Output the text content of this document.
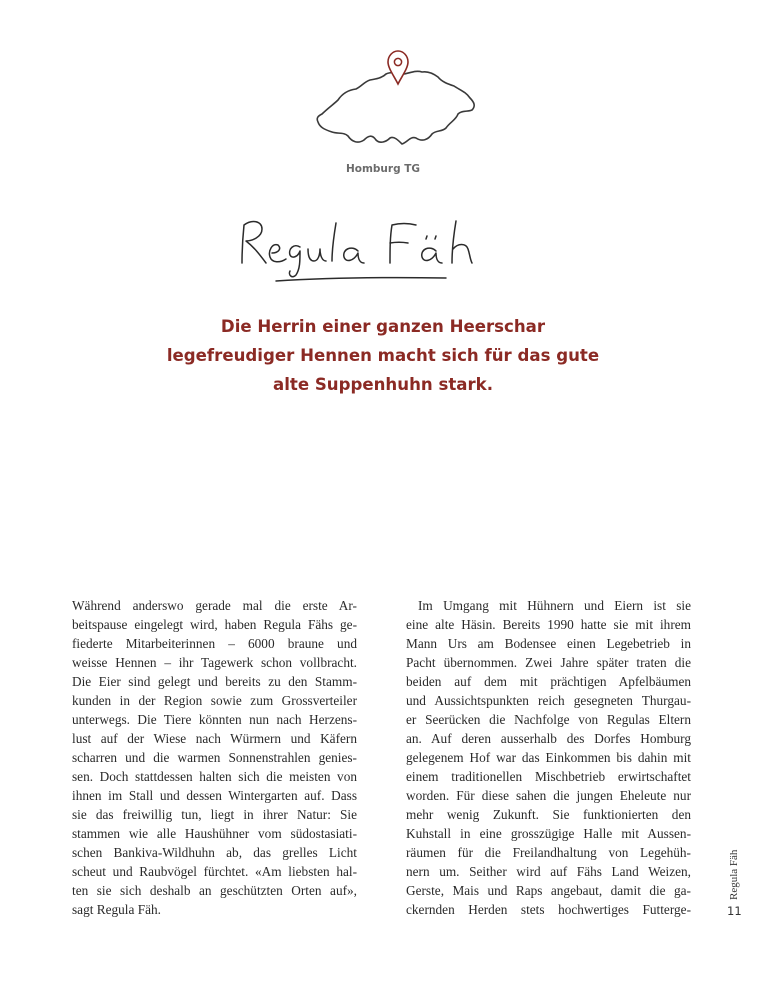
Homburg TG
Die Herrin einer ganzen Heerschar
legefreudiger Hennen macht sich für das gute
alte Suppenhuhn stark.
Während anderswo gerade mal die erste Ar-
beitspause eingelegt wird, haben Regula Fähs ge-
fiederte Mitarbeiterinnen – 6000 braune und
weisse Hennen – ihr Tagewerk schon vollbracht.
Die Eier sind gelegt und bereits zu den Stamm-
kunden in der Region sowie zum Grossverteiler
unterwegs. Die Tiere könnten nun nach Herzens-
lust auf der Wiese nach Würmern und Käfern
scharren und die warmen Sonnenstrahlen genies-
sen. Doch stattdessen halten sich die meisten von
ihnen im Stall und dessen Wintergarten auf. Dass
sie das freiwillig tun, liegt in ihrer Natur: Sie
stammen wie alle Haushühner vom südostasiati-
schen Bankiva-Wildhuhn ab, das grelles Licht
scheut und Raubvögel fürchtet. «Am liebsten hal-
ten sie sich deshalb an geschützten Orten auf»,
sagt Regula Fäh.
Im Umgang mit Hühnern und Eiern ist sie
eine alte Häsin. Bereits 1990 hatte sie mit ihrem
Mann Urs am Bodensee einen Legebetrieb in
Pacht übernommen. Zwei Jahre später traten die
beiden auf dem mit prächtigen Apfelbäumen
und Aussichtspunkten reich gesegneten Thurgau-
er Seerücken die Nachfolge von Regulas Eltern
an. Auf deren ausserhalb des Dorfes Homburg
gelegenem Hof war das Einkommen bis dahin mit
einem traditionellen Mischbetrieb erwirtschaftet
worden. Für diese sahen die jungen Eheleute nur
mehr wenig Zukunft. Sie funktionierten den
Kuhstall in eine grosszügige Halle mit Aussen-
räumen für die Freilandhaltung von Legehüh-
nern um. Seither wird auf Fähs Land Weizen,
Gerste, Mais und Raps angebaut, damit die ga-
ckernden Herden stets hochwertiges Futterge-
Regula Fäh
11
